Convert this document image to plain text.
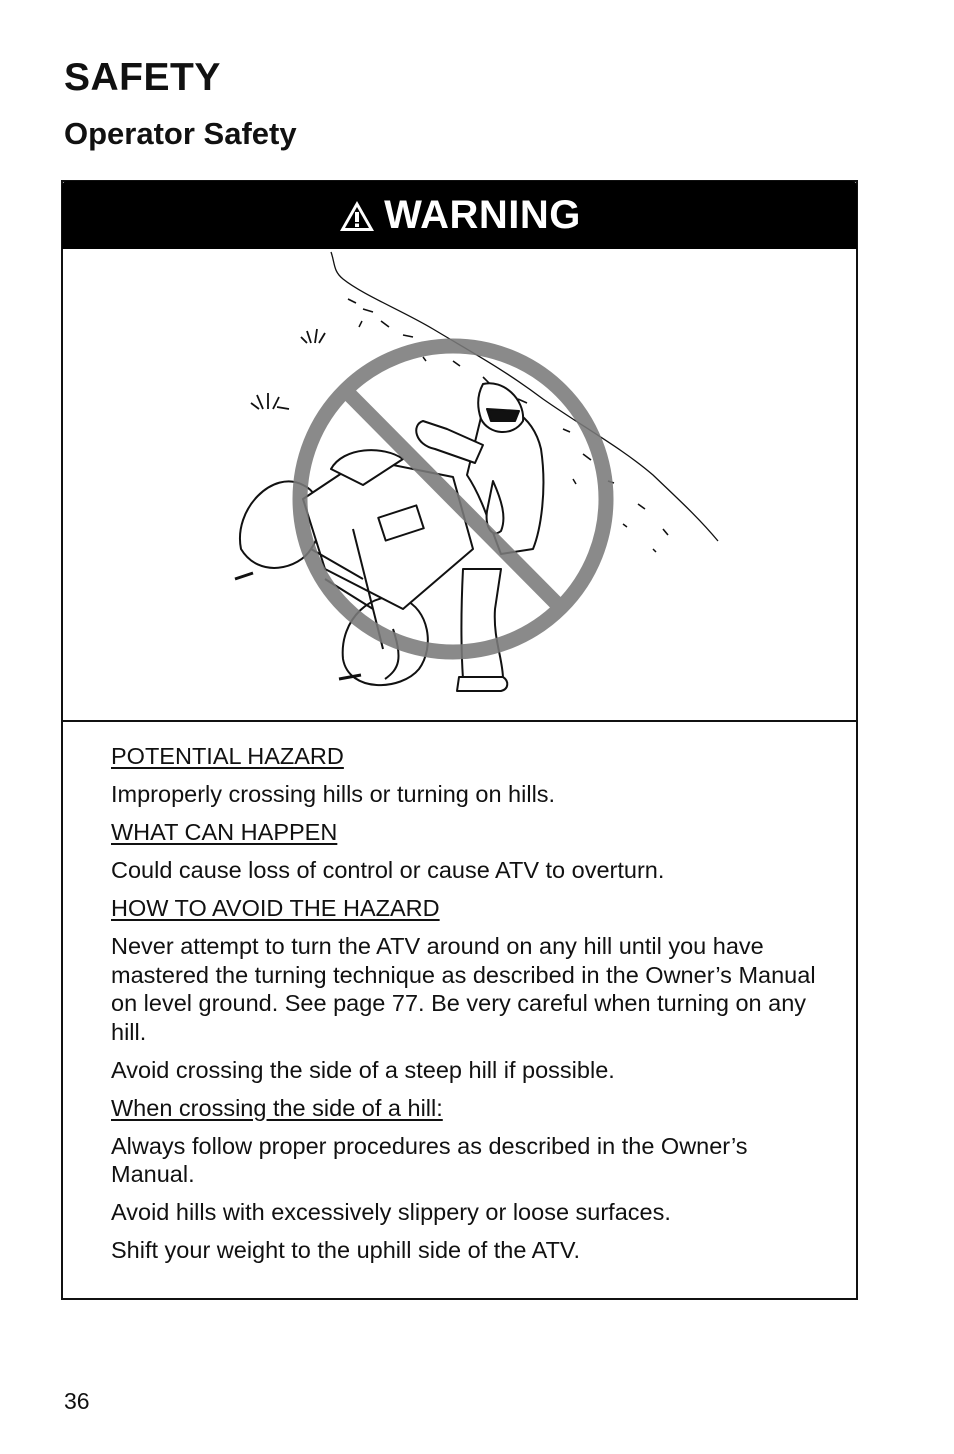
SAFETY
Operator Safety
WARNING

POTENTIAL HAZARD

Improperly crossing hills or turning on hills.

WHAT CAN HAPPEN

Could cause loss of control or cause ATV to overturn.

HOW TO AVOID THE HAZARD

Never attempt to turn the ATV around on any hill until you have mastered the turning technique as described in the Owner’s Manual on level ground. See page 77. Be very careful when turning on any hill.

Avoid crossing the side of a steep hill if possible.

When crossing the side of a hill:

Always follow proper procedures as described in the Owner’s Manual.

Avoid hills with excessively slippery or loose surfaces.

Shift your weight to the uphill side of the ATV.

36
